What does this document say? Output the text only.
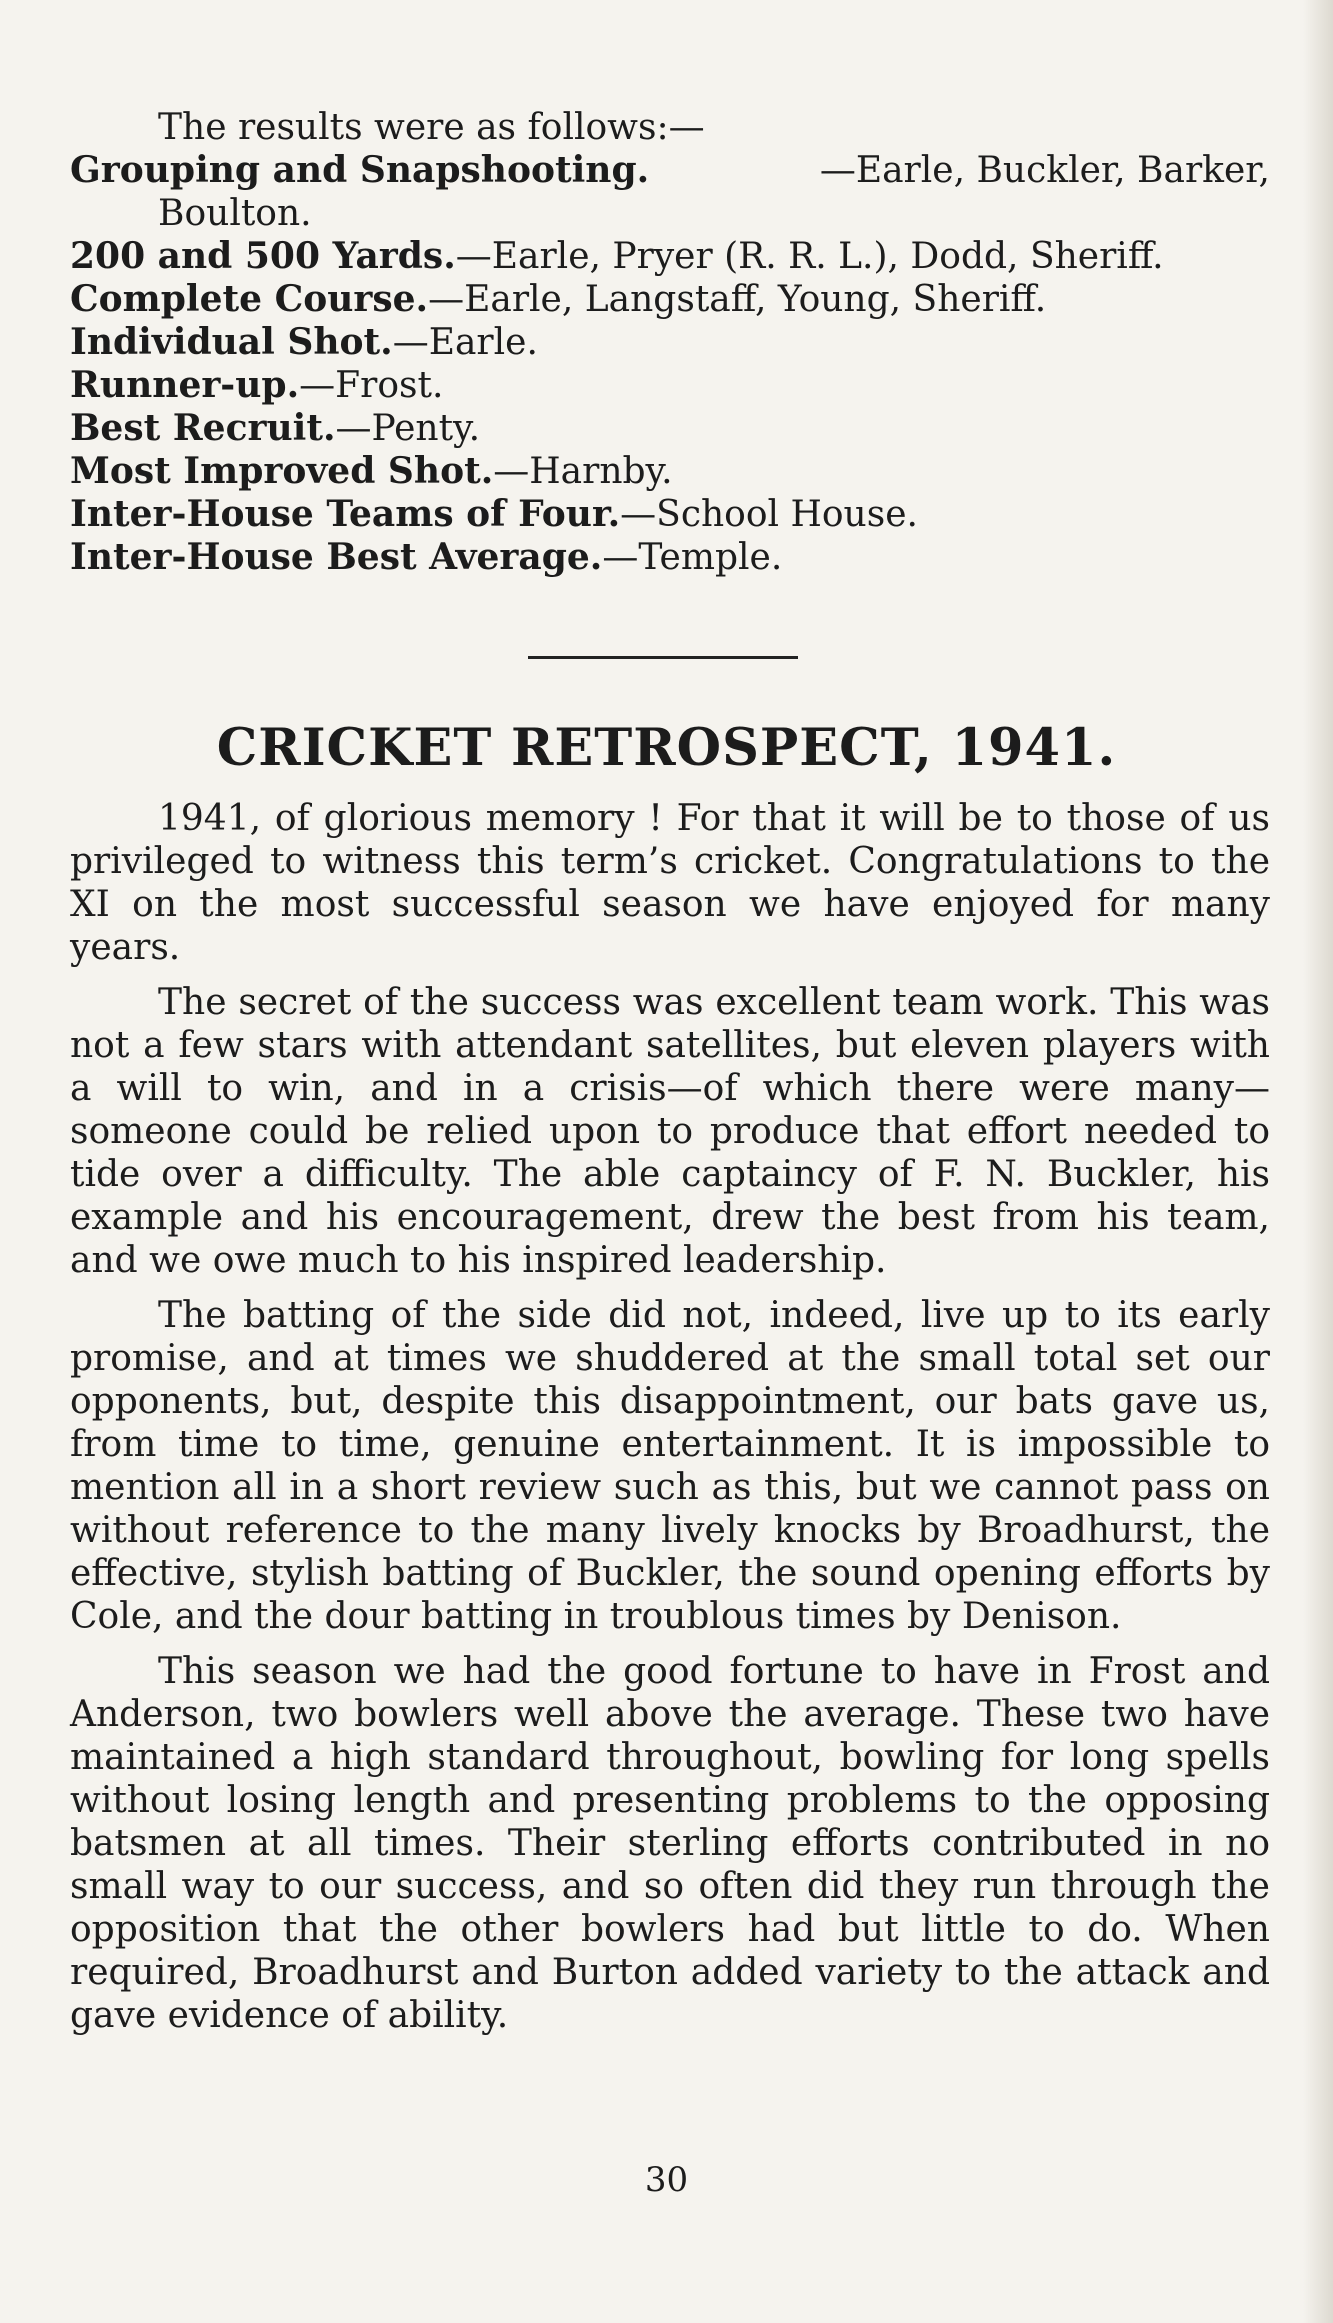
The results were as follows:—
Grouping and Snapshooting.	—Earle, Buckler, Barker,
Boulton.
200 and 500 Yards.—Earle, Pryer (R. R. L.), Dodd, Sheriff.
Complete Course.—Earle, Langstaff, Young, Sheriff.
Individual Shot.—Earle.
Runner-up.—Frost.
Best Recruit.—Penty.
Most Improved Shot.—Harnby.
Inter-House Teams of Four.—School House.
Inter-House Best Average.—Temple.
CRICKET RETROSPECT, 1941.

1941, of glorious memory ! For that it will be to those of us privileged to witness this term’s cricket. Congratulations to the XI on the most successful season we have enjoyed for many years.

The secret of the success was excellent team work. This was not a few stars with attendant satellites, but eleven players with a will to win, and in a crisis—of which there were many—someone could be relied upon to produce that effort needed to tide over a difficulty. The able captaincy of F. N. Buckler, his example and his encouragement, drew the best from his team, and we owe much to his inspired leadership.

The batting of the side did not, indeed, live up to its early promise, and at times we shuddered at the small total set our opponents, but, despite this disappointment, our bats gave us, from time to time, genuine entertainment. It is impossible to mention all in a short review such as this, but we cannot pass on without reference to the many lively knocks by Broadhurst, the effective, stylish batting of Buckler, the sound opening efforts by Cole, and the dour batting in troublous times by Denison.

This season we had the good fortune to have in Frost and Anderson, two bowlers well above the average. These two have maintained a high standard throughout, bowling for long spells without losing length and presenting problems to the opposing batsmen at all times. Their sterling efforts contributed in no small way to our success, and so often did they run through the opposition that the other bowlers had but little to do. When required, Broadhurst and Burton added variety to the attack and gave evidence of ability.

30
